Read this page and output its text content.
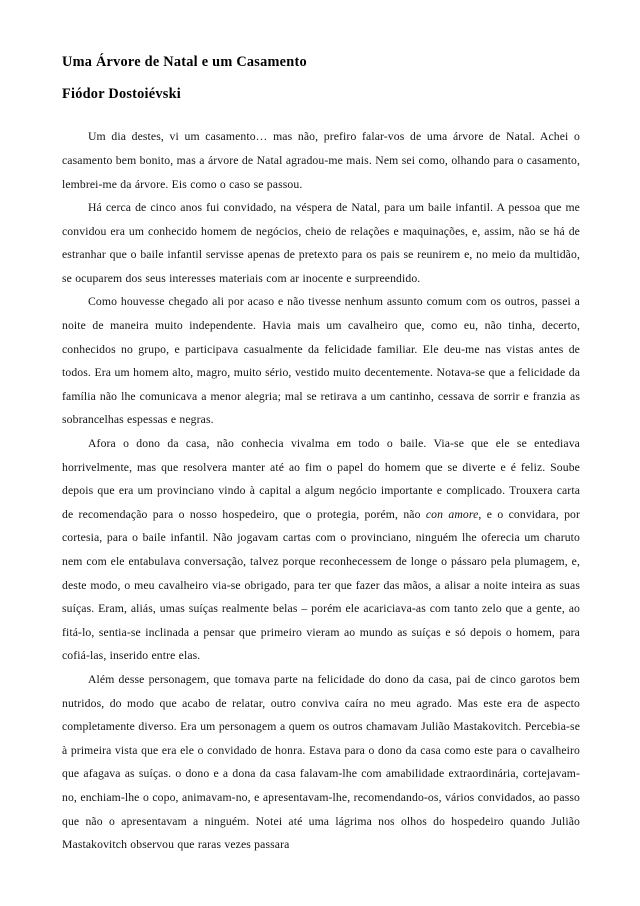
Uma Árvore de Natal e um Casamento
Fiódor Dostoiévski

Um dia destes, vi um casamento… mas não, prefiro falar-vos de uma árvore de Natal. Achei o casamento bem bonito, mas a árvore de Natal agradou-me mais. Nem sei como, olhando para o casamento, lembrei-me da árvore. Eis como o caso se passou.

Há cerca de cinco anos fui convidado, na véspera de Natal, para um baile infantil. A pessoa que me convidou era um conhecido homem de negócios, cheio de relações e maquinações, e, assim, não se há de estranhar que o baile infantil servisse apenas de pretexto para os pais se reunirem e, no meio da multidão, se ocuparem dos seus interesses materiais com ar inocente e surpreendido.

Como houvesse chegado ali por acaso e não tivesse nenhum assunto comum com os outros, passei a noite de maneira muito independente. Havia mais um cavalheiro que, como eu, não tinha, decerto, conhecidos no grupo, e participava casualmente da felicidade familiar. Ele deu-me nas vistas antes de todos. Era um homem alto, magro, muito sério, vestido muito decentemente. Notava-se que a felicidade da família não lhe comunicava a menor alegria; mal se retirava a um cantinho, cessava de sorrir e franzia as sobrancelhas espessas e negras.

Afora o dono da casa, não conhecia vivalma em todo o baile. Via-se que ele se entediava horrivelmente, mas que resolvera manter até ao fim o papel do homem que se diverte e é feliz. Soube depois que era um provinciano vindo à capital a algum negócio importante e complicado. Trouxera carta de recomendação para o nosso hospedeiro, que o protegia, porém, não con amore, e o convidara, por cortesia, para o baile infantil. Não jogavam cartas com o provinciano, ninguém lhe oferecia um charuto nem com ele entabulava conversação, talvez porque reconhecessem de longe o pássaro pela plumagem, e, deste modo, o meu cavalheiro via-se obrigado, para ter que fazer das mãos, a alisar a noite inteira as suas suíças. Eram, aliás, umas suíças realmente belas – porém ele acariciava-as com tanto zelo que a gente, ao fitá-lo, sentia-se inclinada a pensar que primeiro vieram ao mundo as suíças e só depois o homem, para cofiá-las, inserido entre elas.

Além desse personagem, que tomava parte na felicidade do dono da casa, pai de cinco garotos bem nutridos, do modo que acabo de relatar, outro conviva caíra no meu agrado. Mas este era de aspecto completamente diverso. Era um personagem a quem os outros chamavam Julião Mastakovitch. Percebia-se à primeira vista que era ele o convidado de honra. Estava para o dono da casa como este para o cavalheiro que afagava as suíças. o dono e a dona da casa falavam-lhe com amabilidade extraordinária, cortejavam-no, enchiam-lhe o copo, animavam-no, e apresentavam-lhe, recomendando-os, vários convidados, ao passo que não o apresentavam a ninguém. Notei até uma lágrima nos olhos do hospedeiro quando Julião Mastakovitch observou que raras vezes passara
